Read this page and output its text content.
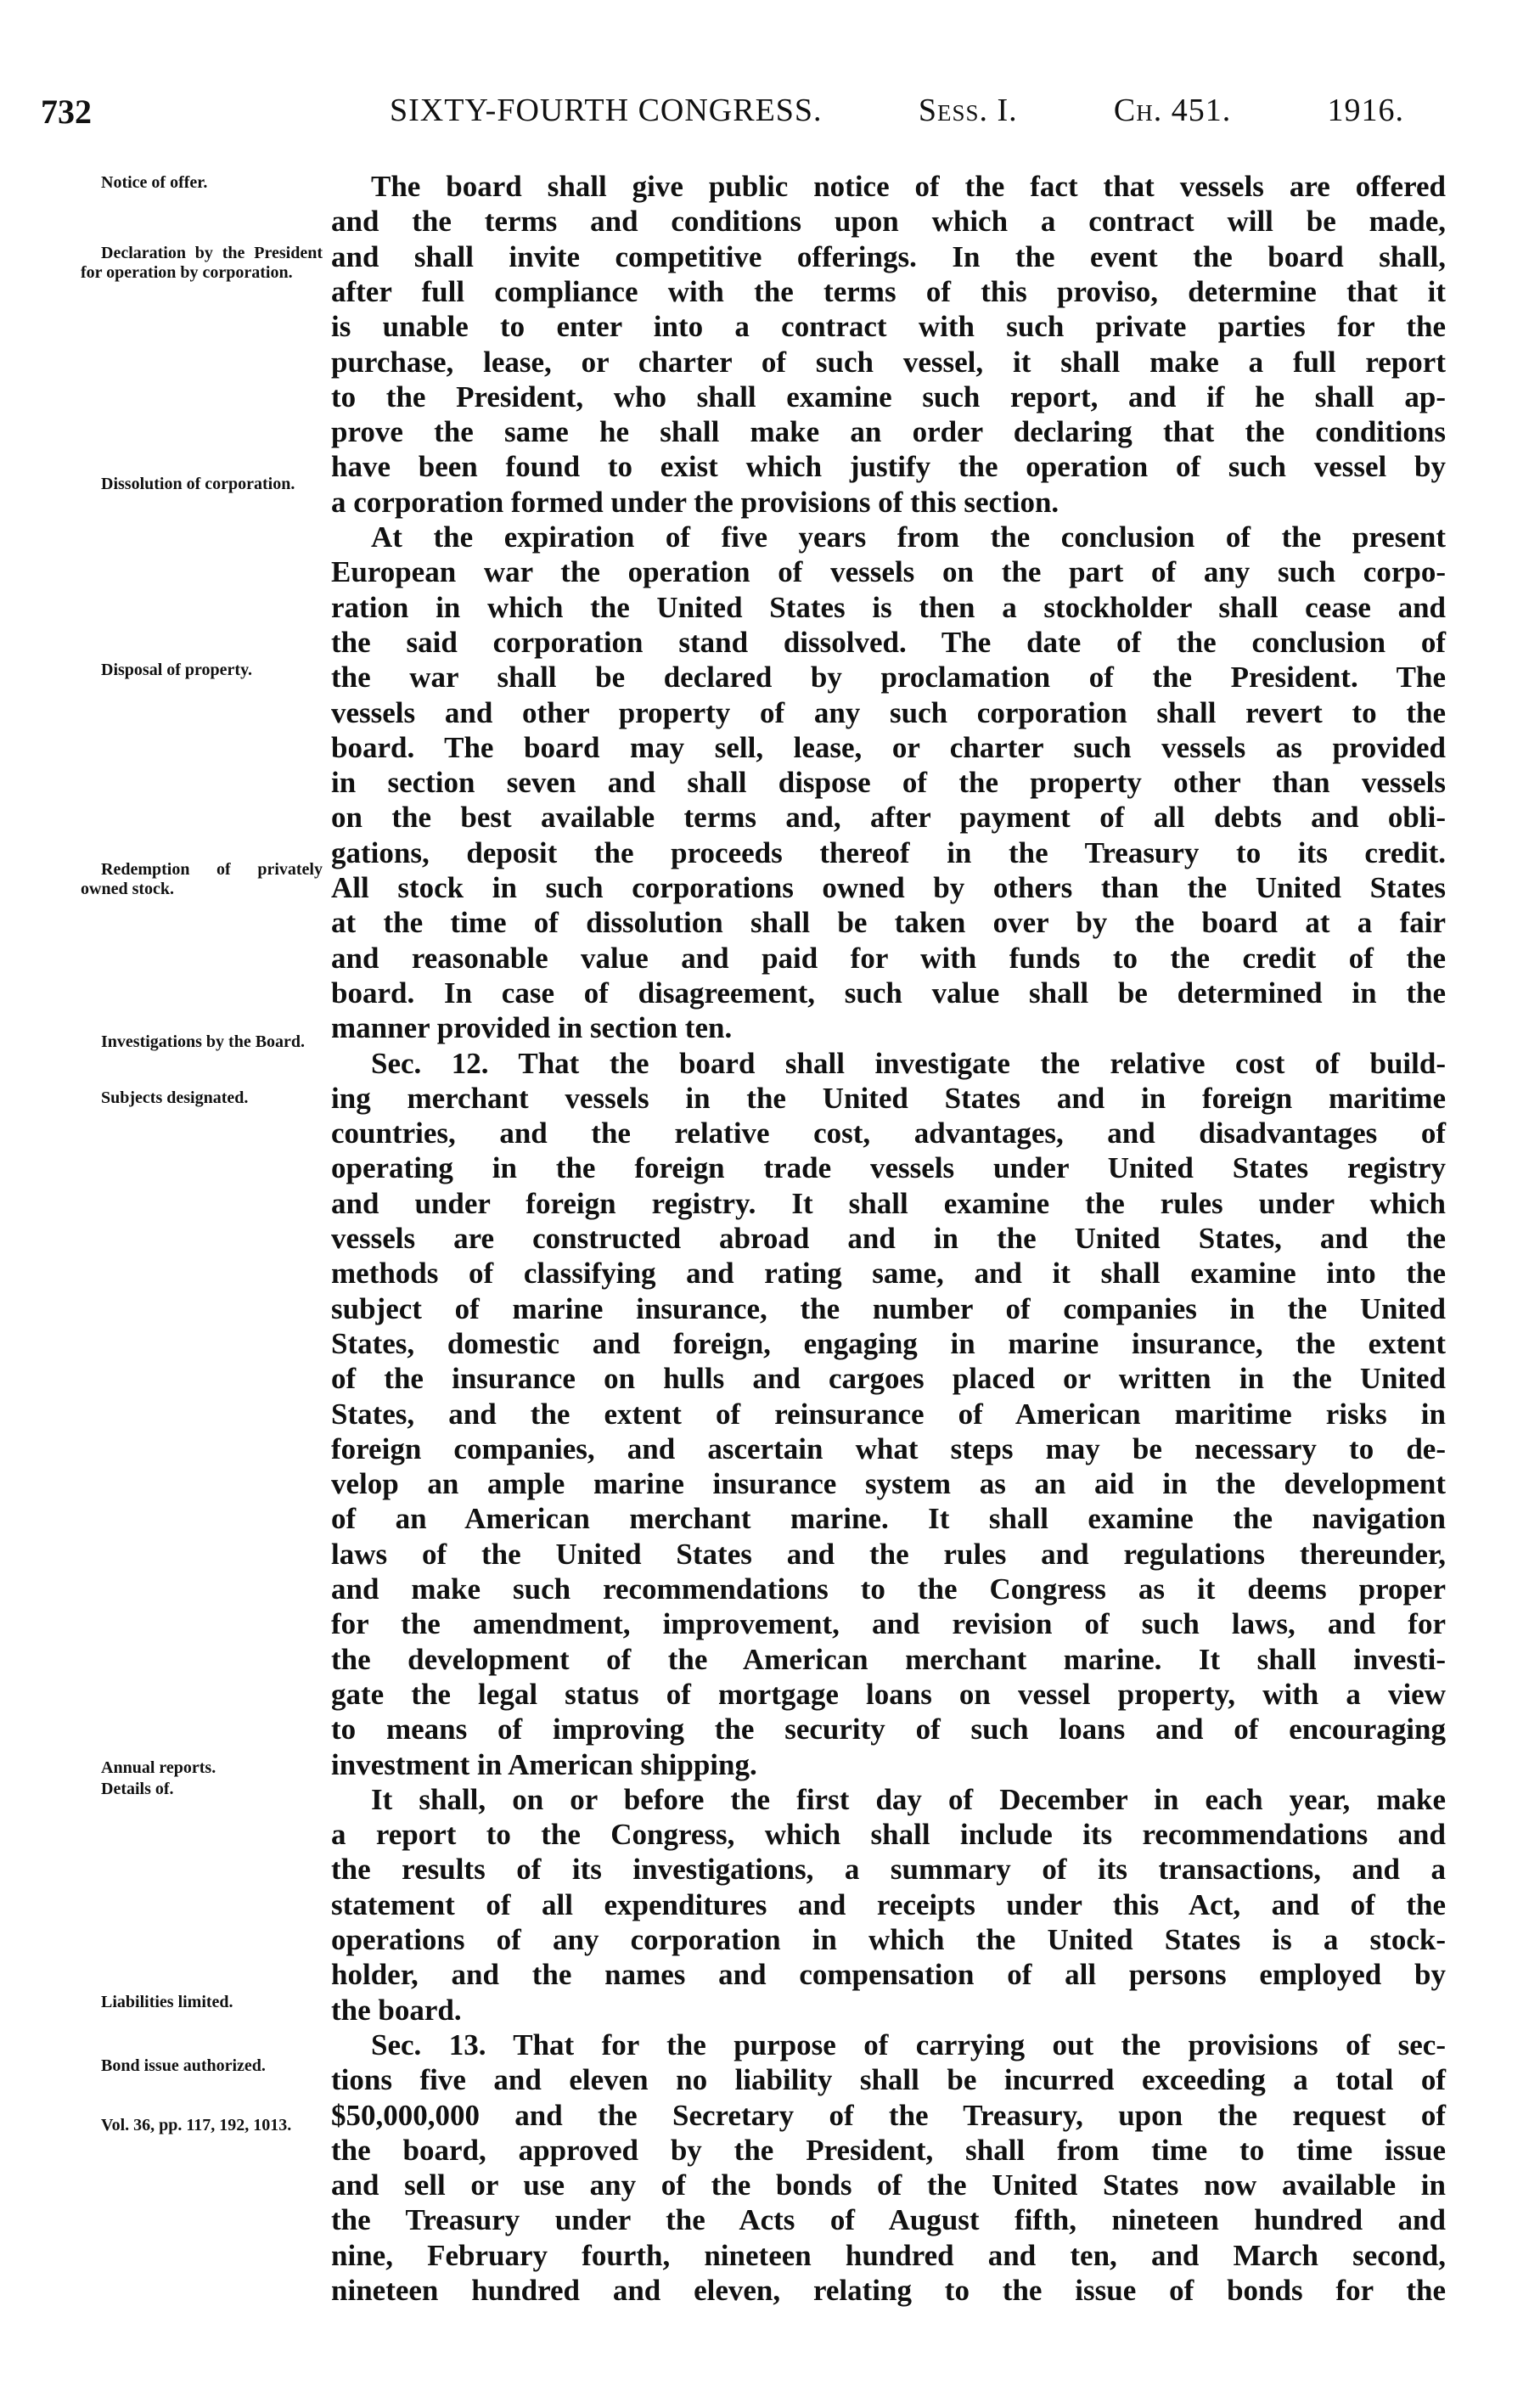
732	SIXTY-FOURTH CONGRESS.	Sess. I.	Ch. 451.	1916.
Notice of offer.
Declaration by the President for operation by corporation.
Dissolution of corporation.
Disposal of property.
Redemption of privately owned stock.
Investigations by the Board.
Subjects designated.
Annual reports.
Details of.
Liabilities limited.
Bond issue authorized.
Vol. 36, pp. 117, 192, 1013.
The board shall give public notice of the fact that vessels are offered
and the terms and conditions upon which a contract will be made,
and shall invite competitive offerings. In the event the board shall,
after full compliance with the terms of this proviso, determine that it
is unable to enter into a contract with such private parties for the
purchase, lease, or charter of such vessel, it shall make a full report
to the President, who shall examine such report, and if he shall ap-
prove the same he shall make an order declaring that the conditions
have been found to exist which justify the operation of such vessel by
a corporation formed under the provisions of this section.
At the expiration of five years from the conclusion of the present
European war the operation of vessels on the part of any such corpo-
ration in which the United States is then a stockholder shall cease and
the said corporation stand dissolved. The date of the conclusion of
the war shall be declared by proclamation of the President. The
vessels and other property of any such corporation shall revert to the
board. The board may sell, lease, or charter such vessels as provided
in section seven and shall dispose of the property other than vessels
on the best available terms and, after payment of all debts and obli-
gations, deposit the proceeds thereof in the Treasury to its credit.
All stock in such corporations owned by others than the United States
at the time of dissolution shall be taken over by the board at a fair
and reasonable value and paid for with funds to the credit of the
board. In case of disagreement, such value shall be determined in the
manner provided in section ten.
Sec. 12. That the board shall investigate the relative cost of build-
ing merchant vessels in the United States and in foreign maritime
countries, and the relative cost, advantages, and disadvantages of
operating in the foreign trade vessels under United States registry
and under foreign registry. It shall examine the rules under which
vessels are constructed abroad and in the United States, and the
methods of classifying and rating same, and it shall examine into the
subject of marine insurance, the number of companies in the United
States, domestic and foreign, engaging in marine insurance, the extent
of the insurance on hulls and cargoes placed or written in the United
States, and the extent of reinsurance of American maritime risks in
foreign companies, and ascertain what steps may be necessary to de-
velop an ample marine insurance system as an aid in the development
of an American merchant marine. It shall examine the navigation
laws of the United States and the rules and regulations thereunder,
and make such recommendations to the Congress as it deems proper
for the amendment, improvement, and revision of such laws, and for
the development of the American merchant marine. It shall investi-
gate the legal status of mortgage loans on vessel property, with a view
to means of improving the security of such loans and of encouraging
investment in American shipping.
It shall, on or before the first day of December in each year, make
a report to the Congress, which shall include its recommendations and
the results of its investigations, a summary of its transactions, and a
statement of all expenditures and receipts under this Act, and of the
operations of any corporation in which the United States is a stock-
holder, and the names and compensation of all persons employed by
the board.
Sec. 13. That for the purpose of carrying out the provisions of sec-
tions five and eleven no liability shall be incurred exceeding a total of
$50,000,000 and the Secretary of the Treasury, upon the request of
the board, approved by the President, shall from time to time issue
and sell or use any of the bonds of the United States now available in
the Treasury under the Acts of August fifth, nineteen hundred and
nine, February fourth, nineteen hundred and ten, and March second,
nineteen hundred and eleven, relating to the issue of bonds for the
